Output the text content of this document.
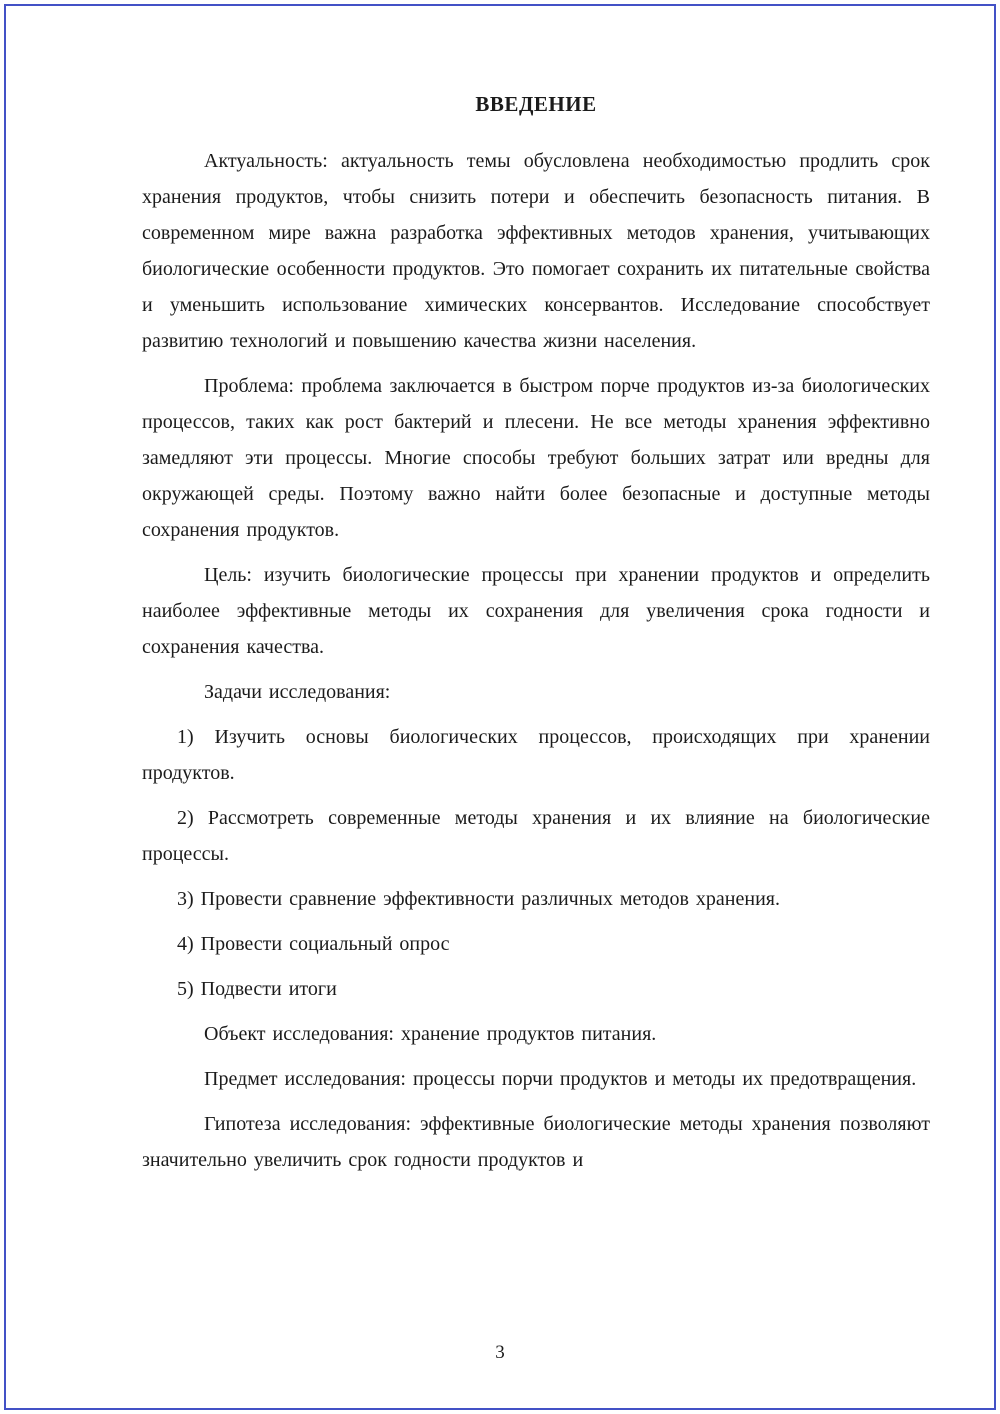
ВВЕДЕНИЕ

Актуальность: актуальность темы обусловлена необходимостью продлить срок хранения продуктов, чтобы снизить потери и обеспечить безопасность питания. В современном мире важна разработка эффективных методов хранения, учитывающих биологические особенности продуктов. Это помогает сохранить их питательные свойства и уменьшить использование химических консервантов. Исследование способствует развитию технологий и повышению качества жизни населения.

Проблема: проблема заключается в быстром порче продуктов из-за биологических процессов, таких как рост бактерий и плесени. Не все методы хранения эффективно замедляют эти процессы. Многие способы требуют больших затрат или вредны для окружающей среды. Поэтому важно найти более безопасные и доступные методы сохранения продуктов.

Цель: изучить биологические процессы при хранении продуктов и определить наиболее эффективные методы их сохранения для увеличения срока годности и сохранения качества.

Задачи исследования:

1) Изучить основы биологических процессов, происходящих при хранении продуктов.

2) Рассмотреть современные методы хранения и их влияние на биологические процессы.

3) Провести сравнение эффективности различных методов хранения.

4) Провести социальный опрос

5) Подвести итоги

Объект исследования: хранение продуктов питания.

Предмет исследования: процессы порчи продуктов и методы их предотвращения.

Гипотеза исследования: эффективные биологические методы хранения позволяют значительно увеличить срок годности продуктов и

3
